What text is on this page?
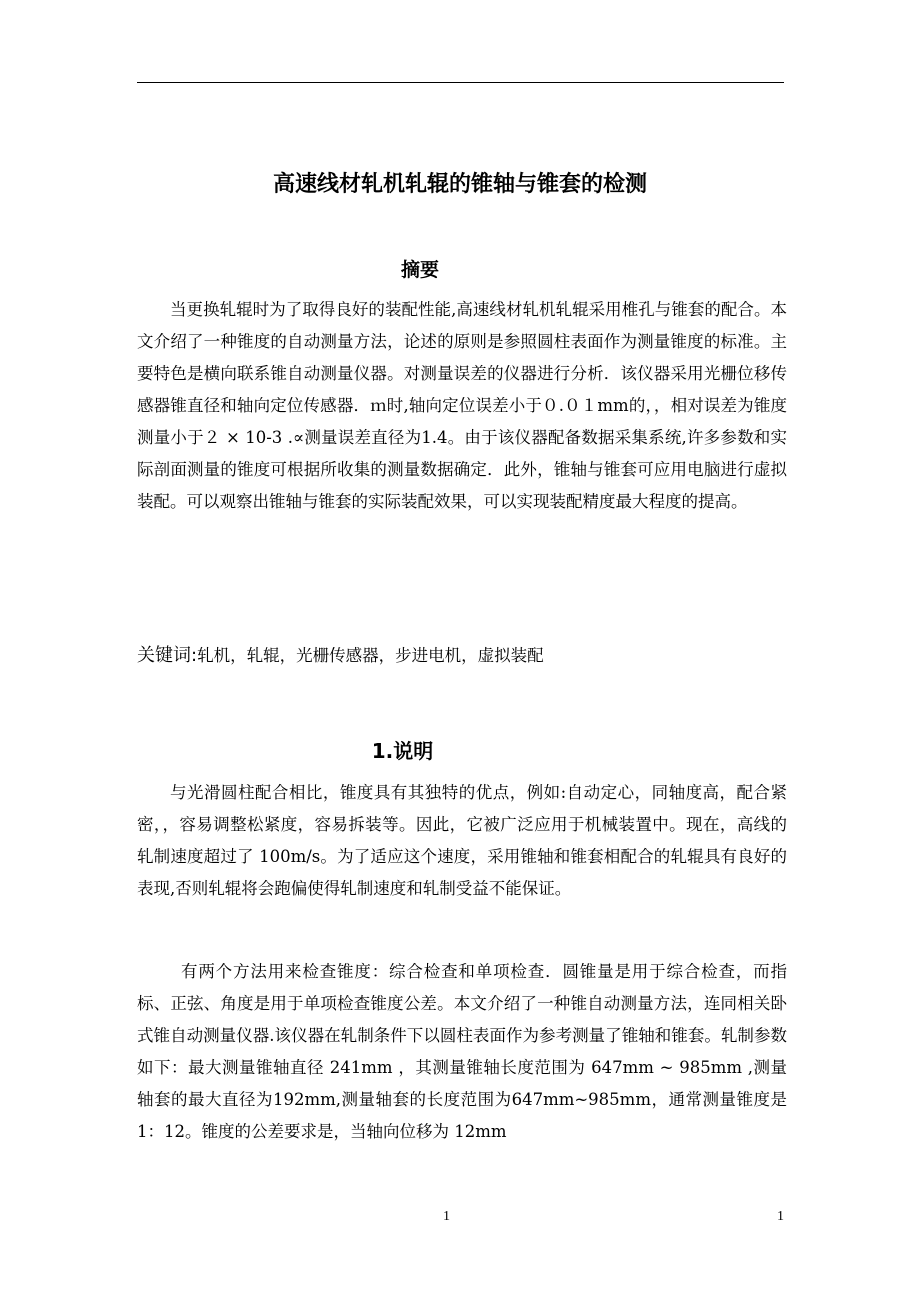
高速线材轧机轧辊的锥轴与锥套的检测
摘要

当更换轧辊时为了取得良好的装配性能,高速线材轧机轧辊采用椎孔与锥套的配合。本文介绍了一种锥度的自动测量方法，论述的原则是参照圆柱表面作为测量锥度的标准。主要特色是横向联系锥自动测量仪器。对测量误差的仪器进行分析．该仪器采用光栅位移传感器锥直径和轴向定位传感器．ｍ时,轴向定位误差小于０.０１mm的，，相对误差为锥度测量小于２ × 10-3 .∝测量误差直径为1.4。由于该仪器配备数据采集系统,许多参数和实际剖面测量的锥度可根据所收集的测量数据确定．此外，锥轴与锥套可应用电脑进行虚拟装配。可以观察出锥轴与锥套的实际装配效果，可以实现装配精度最大程度的提高。

关键词:轧机，轧辊，光栅传感器，步进电机，虚拟装配
1.说明

与光滑圆柱配合相比，锥度具有其独特的优点，例如:自动定心，同轴度高，配合紧密，，容易调整松紧度，容易拆装等。因此，它被广泛应用于机械装置中。现在，高线的轧制速度超过了 100m/s。为了适应这个速度，采用锥轴和锥套相配合的轧辊具有良好的表现,否则轧辊将会跑偏使得轧制速度和轧制受益不能保证。

有两个方法用来检查锥度：综合检查和单项检查．圆锥量是用于综合检查，而指标、正弦、角度是用于单项检查锥度公差。本文介绍了一种锥自动测量方法，连同相关卧式锥自动测量仪器.该仪器在轧制条件下以圆柱表面作为参考测量了锥轴和锥套。轧制参数如下：最大测量锥轴直径 241mm ，其测量锥轴长度范围为 647mm ~ 985mm ,测量轴套的最大直径为192mm,测量轴套的长度范围为647mm~985mm，通常测量锥度是 1：12。锥度的公差要求是，当轴向位移为 12mm

1	1
